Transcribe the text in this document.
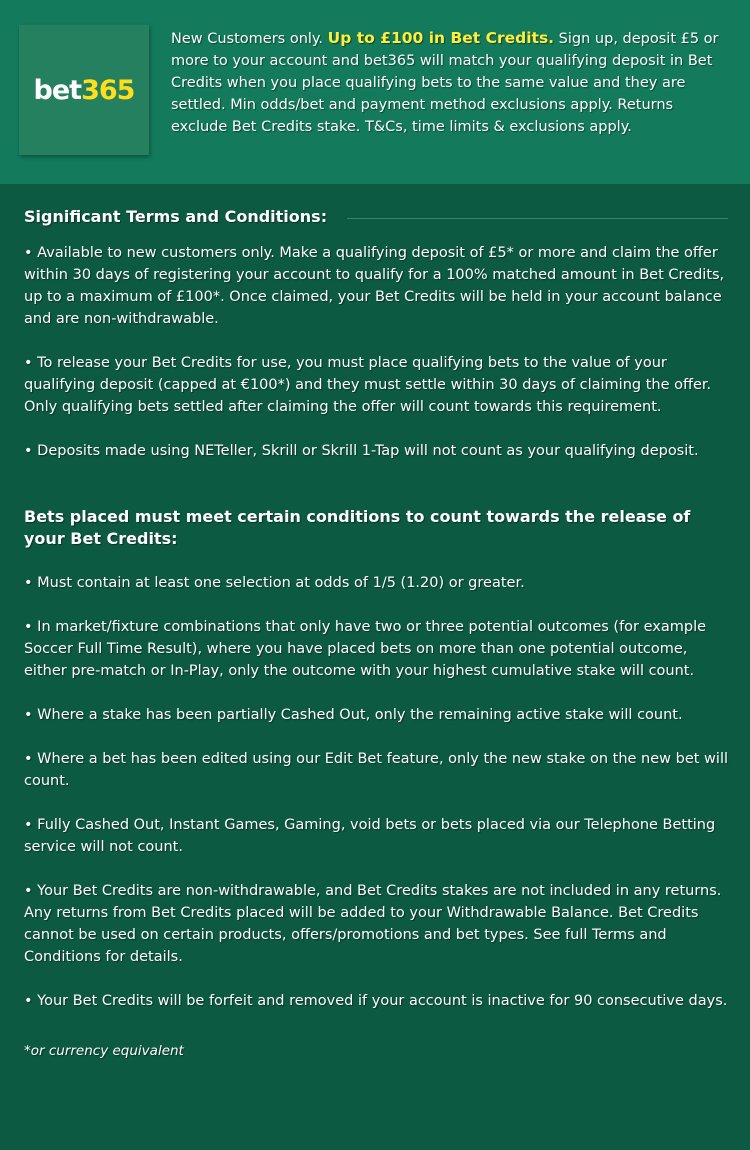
bet 365

New Customers only. Up to £100 in Bet Credits. Sign up, deposit £5 or more to your account and bet365 will match your qualifying deposit in Bet Credits when you place qualifying bets to the same value and they are settled. Min odds/bet and payment method exclusions apply. Returns exclude Bet Credits stake. T&Cs, time limits & exclusions apply.

Significant Terms and Conditions:

• Available to new customers only. Make a qualifying deposit of £5* or more and claim the offer within 30 days of registering your account to qualify for a 100% matched amount in Bet Credits, up to a maximum of £100*. Once claimed, your Bet Credits will be held in your account balance and are non-withdrawable.

• To release your Bet Credits for use, you must place qualifying bets to the value of your qualifying deposit (capped at €100*) and they must settle within 30 days of claiming the offer. Only qualifying bets settled after claiming the offer will count towards this requirement.

• Deposits made using NETeller, Skrill or Skrill 1-Tap will not count as your qualifying deposit.

Bets placed must meet certain conditions to count towards the release of your Bet Credits:

• Must contain at least one selection at odds of 1/5 (1.20) or greater.

• In market/fixture combinations that only have two or three potential outcomes (for example Soccer Full Time Result), where you have placed bets on more than one potential outcome, either pre-match or In-Play, only the outcome with your highest cumulative stake will count.

• Where a stake has been partially Cashed Out, only the remaining active stake will count.

• Where a bet has been edited using our Edit Bet feature, only the new stake on the new bet will count.

• Fully Cashed Out, Instant Games, Gaming, void bets or bets placed via our Telephone Betting service will not count.

• Your Bet Credits are non-withdrawable, and Bet Credits stakes are not included in any returns. Any returns from Bet Credits placed will be added to your Withdrawable Balance. Bet Credits cannot be used on certain products, offers/promotions and bet types. See full Terms and Conditions for details.

• Your Bet Credits will be forfeit and removed if your account is inactive for 90 consecutive days.

*or currency equivalent
